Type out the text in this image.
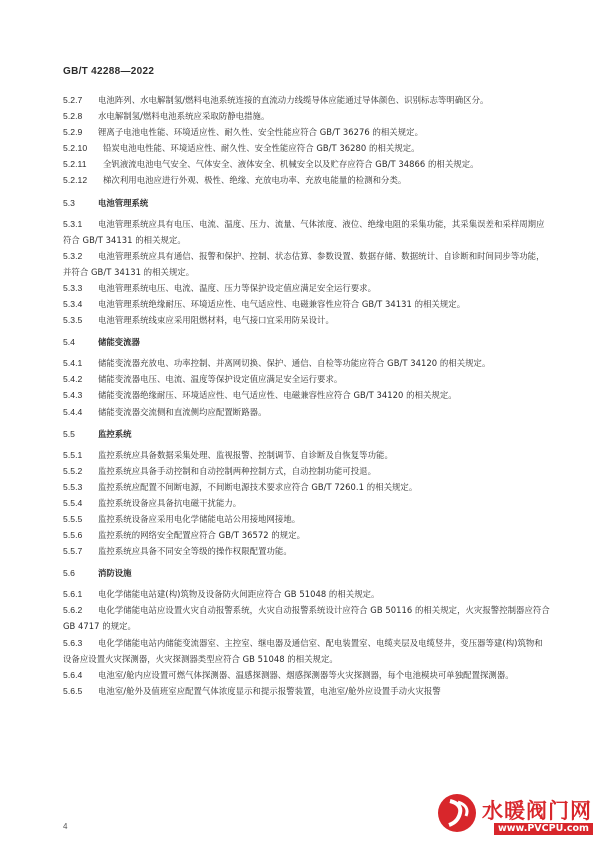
GB/T 42288—2022
5.2.7 电池阵列、水电解制氢/燃料电池系统连接的直流动力线缆导体应能通过导体颜色、识别标志等明确区分。
5.2.8 水电解制氢/燃料电池系统应采取防静电措施。
5.2.9 锂离子电池电性能、环境适应性、耐久性、安全性能应符合 GB/T 36276 的相关规定。
5.2.10 铅炭电池电性能、环境适应性、耐久性、安全性能应符合 GB/T 36280 的相关规定。
5.2.11 全钒液流电池电气安全、气体安全、液体安全、机械安全以及贮存应符合 GB/T 34866 的相关规定。
5.2.12 梯次利用电池应进行外观、极性、绝缘、充放电功率、充放电能量的检测和分类。
5.3	电池管理系统
5.3.1 电池管理系统应具有电压、电流、温度、压力、流量、气体浓度、液位、绝缘电阻的采集功能，其采集误差和采样周期应符合 GB/T 34131 的相关规定。
5.3.2 电池管理系统应具有通信、报警和保护、控制、状态估算、参数设置、数据存储、数据统计、自诊断和时间同步等功能，并符合 GB/T 34131 的相关规定。
5.3.3 电池管理系统电压、电流、温度、压力等保护设定值应满足安全运行要求。
5.3.4 电池管理系统绝缘耐压、环境适应性、电气适应性、电磁兼容性应符合 GB/T 34131 的相关规定。
5.3.5 电池管理系统线束应采用阻燃材料，电气接口宜采用防呆设计。
5.4	储能变流器
5.4.1 储能变流器充放电、功率控制、并离网切换、保护、通信、自检等功能应符合 GB/T 34120 的相关规定。
5.4.2 储能变流器电压、电流、温度等保护设定值应满足安全运行要求。
5.4.3 储能变流器绝缘耐压、环境适应性、电气适应性、电磁兼容性应符合 GB/T 34120 的相关规定。
5.4.4 储能变流器交流侧和直流侧均应配置断路器。
5.5	监控系统
5.5.1 监控系统应具备数据采集处理、监视报警、控制调节、自诊断及自恢复等功能。
5.5.2 监控系统应具备手动控制和自动控制两种控制方式，自动控制功能可投退。
5.5.3 监控系统应配置不间断电源，不间断电源技术要求应符合 GB/T 7260.1 的相关规定。
5.5.4 监控系统设备应具备抗电磁干扰能力。
5.5.5 监控系统设备应采用电化学储能电站公用接地网接地。
5.5.6 监控系统的网络安全配置应符合 GB/T 36572 的规定。
5.5.7 监控系统应具备不同安全等级的操作权限配置功能。
5.6	消防设施
5.6.1 电化学储能电站建(构)筑物及设备防火间距应符合 GB 51048 的相关规定。
5.6.2 电化学储能电站应设置火灾自动报警系统，火灾自动报警系统设计应符合 GB 50116 的相关规定，火灾报警控制器应符合 GB 4717 的规定。
5.6.3 电化学储能电站内储能变流器室、主控室、继电器及通信室、配电装置室、电缆夹层及电缆竖井，变压器等建(构)筑物和设备应设置火灾探测器，火灾探测器类型应符合 GB 51048 的相关规定。
5.6.4 电池室/舱内应设置可燃气体探测器、温感探测器、烟感探测器等火灾探测器，每个电池模块可单独配置探测器。
5.6.5 电池室/舱外及值班室应配置气体浓度显示和提示报警装置，电池室/舱外应设置手动火灾报警
4
水暖阀门网
www.PVCPU.com
